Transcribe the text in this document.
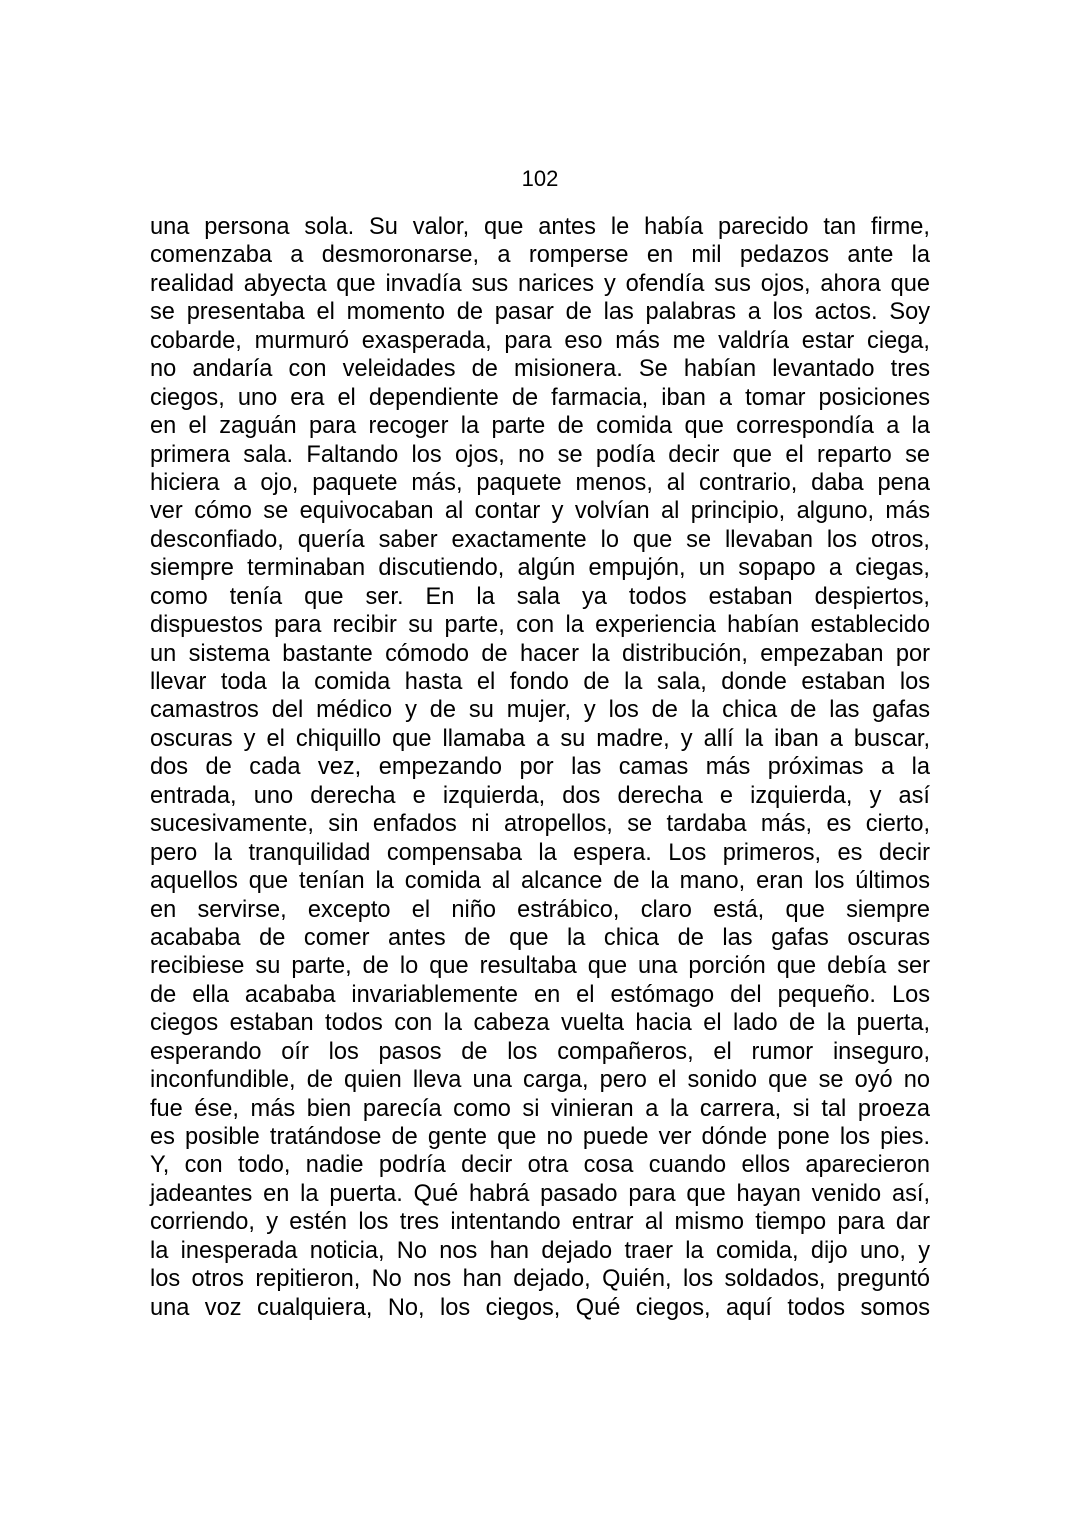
102
una persona sola. Su valor, que antes le había parecido tan firme,
comenzaba a desmoronarse, a romperse en mil pedazos ante la
realidad abyecta que invadía sus narices y ofendía sus ojos, ahora que
se presentaba el momento de pasar de las palabras a los actos. Soy
cobarde, murmuró exasperada, para eso más me valdría estar ciega,
no andaría con veleidades de misionera. Se habían levantado tres
ciegos, uno era el dependiente de farmacia, iban a tomar posiciones
en el zaguán para recoger la parte de comida que correspondía a la
primera sala. Faltando los ojos, no se podía decir que el reparto se
hiciera a ojo, paquete más, paquete menos, al contrario, daba pena
ver cómo se equivocaban al contar y volvían al principio, alguno, más
desconfiado, quería saber exactamente lo que se llevaban los otros,
siempre terminaban discutiendo, algún empujón, un sopapo a ciegas,
como tenía que ser. En la sala ya todos estaban despiertos,
dispuestos para recibir su parte, con la experiencia habían establecido
un sistema bastante cómodo de hacer la distribución, empezaban por
llevar toda la comida hasta el fondo de la sala, donde estaban los
camastros del médico y de su mujer, y los de la chica de las gafas
oscuras y el chiquillo que llamaba a su madre, y allí la iban a buscar,
dos de cada vez, empezando por las camas más próximas a la
entrada, uno derecha e izquierda, dos derecha e izquierda, y así
sucesivamente, sin enfados ni atropellos, se tardaba más, es cierto,
pero la tranquilidad compensaba la espera. Los primeros, es decir
aquellos que tenían la comida al alcance de la mano, eran los últimos
en servirse, excepto el niño estrábico, claro está, que siempre
acababa de comer antes de que la chica de las gafas oscuras
recibiese su parte, de lo que resultaba que una porción que debía ser
de ella acababa invariablemente en el estómago del pequeño. Los
ciegos estaban todos con la cabeza vuelta hacia el lado de la puerta,
esperando oír los pasos de los compañeros, el rumor inseguro,
inconfundible, de quien lleva una carga, pero el sonido que se oyó no
fue ése, más bien parecía como si vinieran a la carrera, si tal proeza
es posible tratándose de gente que no puede ver dónde pone los pies.
Y, con todo, nadie podría decir otra cosa cuando ellos aparecieron
jadeantes en la puerta. Qué habrá pasado para que hayan venido así,
corriendo, y estén los tres intentando entrar al mismo tiempo para dar
la inesperada noticia, No nos han dejado traer la comida, dijo uno, y
los otros repitieron, No nos han dejado, Quién, los soldados, preguntó
una voz cualquiera, No, los ciegos, Qué ciegos, aquí todos somos
